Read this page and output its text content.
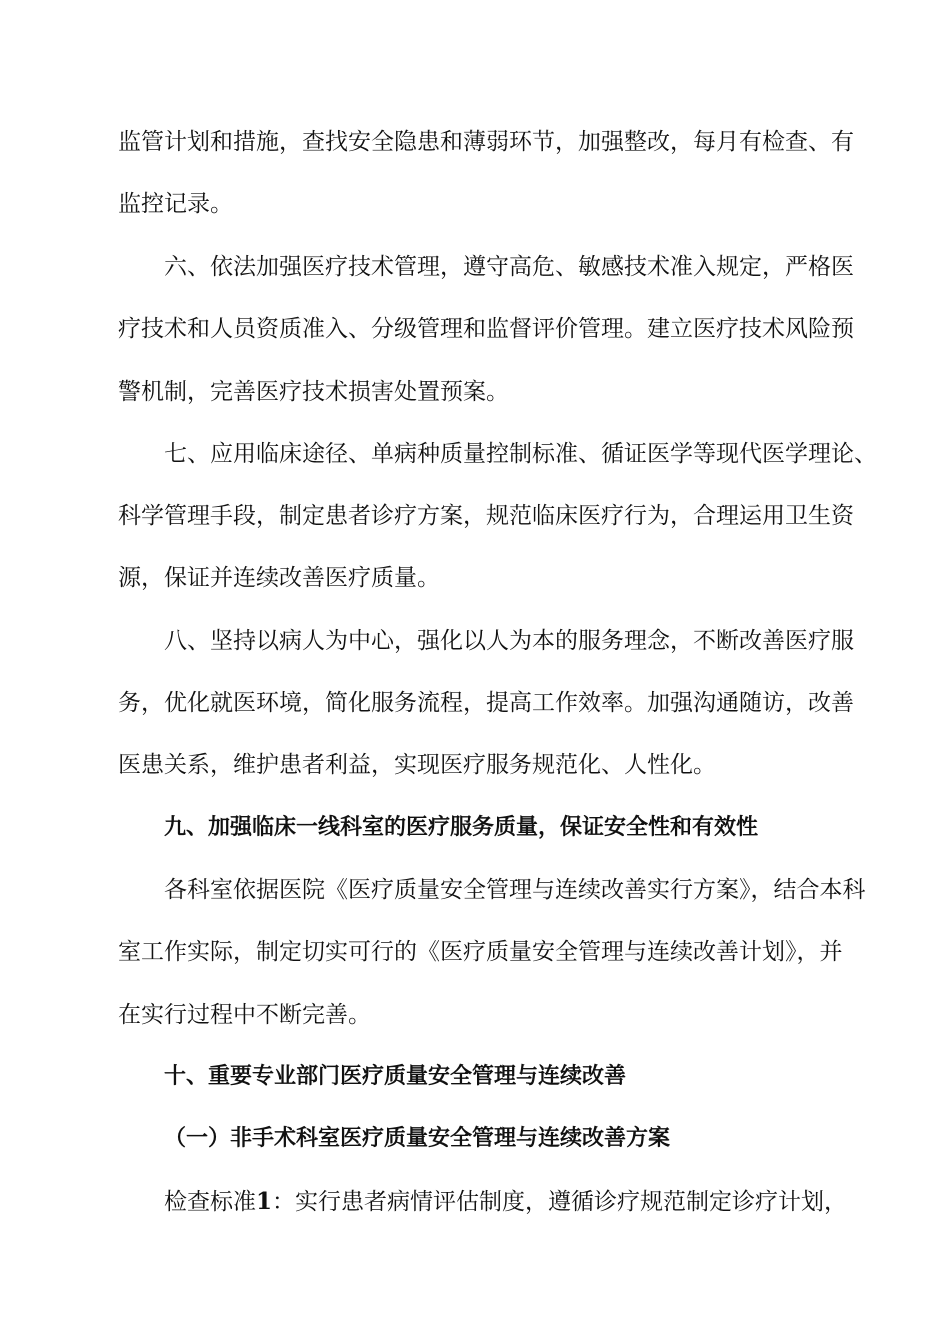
监管计划和措施，查找安全隐患和薄弱环节，加强整改，每月有检查、有
监控记录。
六、依法加强医疗技术管理，遵守高危、敏感技术准入规定，严格医
疗技术和人员资质准入、分级管理和监督评价管理。建立医疗技术风险预
警机制，完善医疗技术损害处置预案。
七、应用临床途径、单病种质量控制标准、循证医学等现代医学理论、
科学管理手段，制定患者诊疗方案，规范临床医疗行为，合理运用卫生资
源，保证并连续改善医疗质量。
八、坚持以病人为中心，强化以人为本的服务理念，不断改善医疗服
务，优化就医环境，简化服务流程，提高工作效率。加强沟通随访，改善
医患关系，维护患者利益，实现医疗服务规范化、人性化。
九、加强临床一线科室的医疗服务质量，保证安全性和有效性
各科室依据医院《医疗质量安全管理与连续改善实行方案》，结合本科
室工作实际，制定切实可行的《医疗质量安全管理与连续改善计划》，并
在实行过程中不断完善。
十、重要专业部门医疗质量安全管理与连续改善
（一）非手术科室医疗质量安全管理与连续改善方案
检查标准1：实行患者病情评估制度，遵循诊疗规范制定诊疗计划，
